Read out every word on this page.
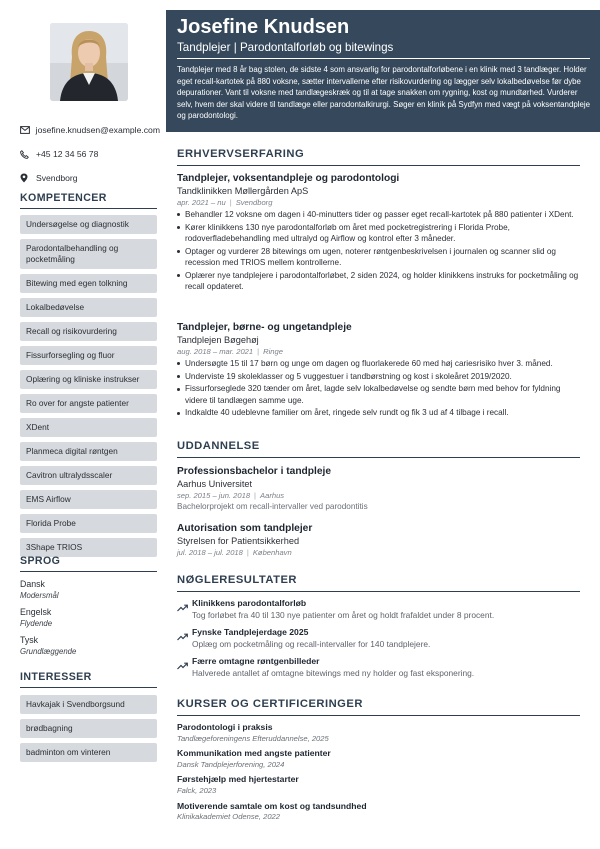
josefine.knudsen@example.com
+45 12 34 56 78
Svendborg
KOMPETENCER
Undersøgelse og diagnostik
Parodontalbehandling og pocketmåling
Bitewing med egen tolkning
Lokalbedøvelse
Recall og risikovurdering
Fissurforsegling og fluor
Oplæring og kliniske instrukser
Ro over for angste patienter
XDent
Planmeca digital røntgen
Cavitron ultralydsscaler
EMS Airflow
Florida Probe
3Shape TRIOS
SPROG
Dansk
Modersmål
Engelsk
Flydende
Tysk
Grundlæggende
INTERESSER
Havkajak i Svendborgsund
brødbagning
badminton om vinteren
Josefine Knudsen
Tandplejer | Parodontalforløb og bitewings
Tandplejer med 8 år bag stolen, de sidste 4 som ansvarlig for parodontalforløbene i en klinik med 3 tandlæger. Holder eget recall-kartotek på 880 voksne, sætter intervallerne efter risikovurdering og lægger selv lokalbedøvelse før dybe depurationer. Vant til voksne med tandlægeskræk og til at tage snakken om rygning, kost og mundtørhed. Vurderer selv, hvem der skal videre til tandlæge eller parodontalkirurgi. Søger en klinik på Sydfyn med vægt på voksentandpleje og parodontologi.
ERHVERVSERFARING
Tandplejer, voksentandpleje og parodontologi
Tandklinikken Møllergården ApS
apr. 2021 – nu | Svendborg
Behandler 12 voksne om dagen i 40-minutters tider og passer eget recall-kartotek på 880 patienter i XDent.
Kører klinikkens 130 nye parodontalforløb om året med pocketregistrering i Florida Probe, rodoverfladebehandling med ultralyd og Airflow og kontrol efter 3 måneder.
Optager og vurderer 28 bitewings om ugen, noterer røntgenbeskrivelsen i journalen og scanner slid og recession med TRIOS mellem kontrollerne.
Oplærer nye tandplejere i parodontalforløbet, 2 siden 2024, og holder klinikkens instruks for pocketmåling og recall opdateret.
Tandplejer, børne- og ungetandpleje
Tandplejen Bøgehøj
aug. 2018 – mar. 2021 | Ringe
Undersøgte 15 til 17 børn og unge om dagen og fluorlakerede 60 med høj cariesrisiko hver 3. måned.
Underviste 19 skoleklasser og 5 vuggestuer i tandbørstning og kost i skoleåret 2019/2020.
Fissurforseglede 320 tænder om året, lagde selv lokalbedøvelse og sendte børn med behov for fyldning videre til tandlægen samme uge.
Indkaldte 40 udeblevne familier om året, ringede selv rundt og fik 3 ud af 4 tilbage i recall.
UDDANNELSE
Professionsbachelor i tandpleje
Aarhus Universitet
sep. 2015 – jun. 2018 | Aarhus
Bachelorprojekt om recall-intervaller ved parodontitis
Autorisation som tandplejer
Styrelsen for Patientsikkerhed
jul. 2018 – jul. 2018 | København
NØGLERESULTATER
Klinikkens parodontalforløb
Tog forløbet fra 40 til 130 nye patienter om året og holdt frafaldet under 8 procent.
Fynske Tandplejerdage 2025
Oplæg om pocketmåling og recall-intervaller for 140 tandplejere.
Færre omtagne røntgenbilleder
Halverede antallet af omtagne bitewings med ny holder og fast eksponering.
KURSER OG CERTIFICERINGER
Parodontologi i praksis
Tandlægeforeningens Efteruddannelse, 2025
Kommunikation med angste patienter
Dansk Tandplejerforening, 2024
Førstehjælp med hjertestarter
Falck, 2023
Motiverende samtale om kost og tandsundhed
Klinikakademiet Odense, 2022
